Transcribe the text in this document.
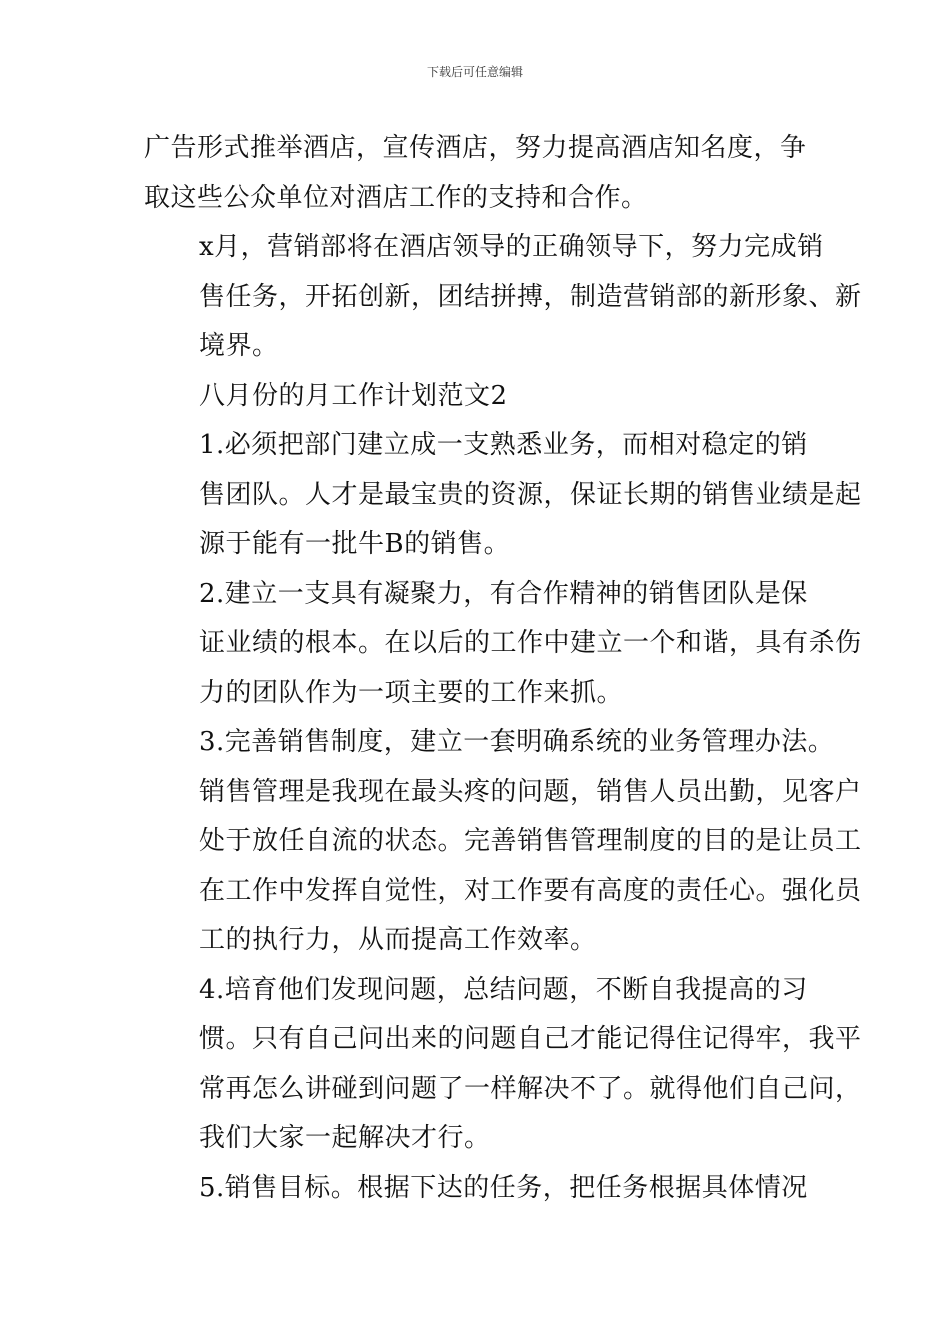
下载后可任意编辑

广告形式推举酒店，宣传酒店，努力提高酒店知名度，争
取这些公众单位对酒店工作的支持和合作。

x月，营销部将在酒店领导的正确领导下，努力完成销
售任务，开拓创新，团结拼搏，制造营销部的新形象、新
境界。

八月份的月工作计划范文2

1.必须把部门建立成一支熟悉业务，而相对稳定的销
售团队。人才是最宝贵的资源，保证长期的销售业绩是起
源于能有一批牛B的销售。

2.建立一支具有凝聚力，有合作精神的销售团队是保
证业绩的根本。在以后的工作中建立一个和谐，具有杀伤
力的团队作为一项主要的工作来抓。

3.完善销售制度，建立一套明确系统的业务管理办法。
销售管理是我现在最头疼的问题，销售人员出勤，见客户
处于放任自流的状态。完善销售管理制度的目的是让员工
在工作中发挥自觉性，对工作要有高度的责任心。强化员
工的执行力，从而提高工作效率。

4.培育他们发现问题，总结问题，不断自我提高的习
惯。只有自己问出来的问题自己才能记得住记得牢，我平
常再怎么讲碰到问题了一样解决不了。就得他们自己问，
我们大家一起解决才行。

5.销售目标。根据下达的任务，把任务根据具体情况
